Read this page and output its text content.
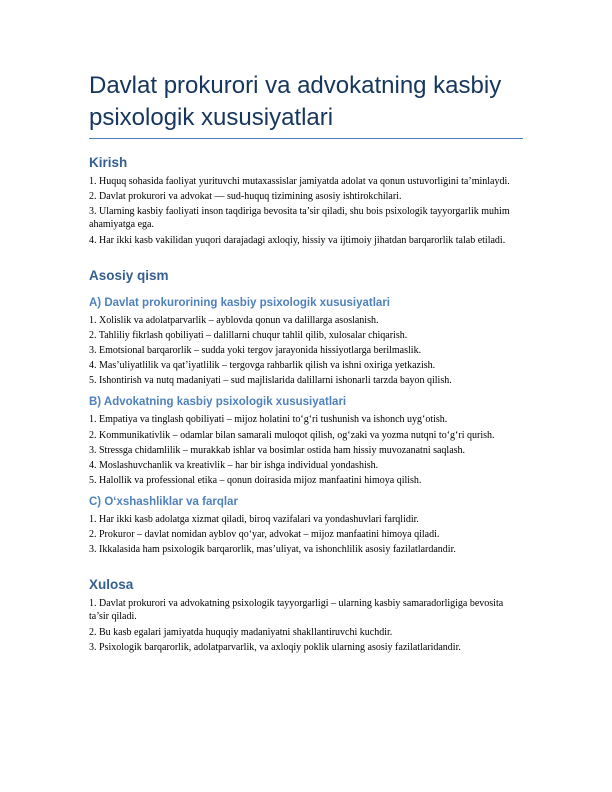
Davlat prokurori va advokatning kasbiy psixologik xususiyatlari
Kirish
1. Huquq sohasida faoliyat yurituvchi mutaxassislar jamiyatda adolat va qonun ustuvorligini ta’minlaydi.
2. Davlat prokurori va advokat — sud-huquq tizimining asosiy ishtirokchilari.
3. Ularning kasbiy faoliyati inson taqdiriga bevosita ta’sir qiladi, shu bois psixologik tayyorgarlik muhim ahamiyatga ega.
4. Har ikki kasb vakilidan yuqori darajadagi axloqiy, hissiy va ijtimoiy jihatdan barqarorlik talab etiladi.
Asosiy qism
A) Davlat prokurorining kasbiy psixologik xususiyatlari
1. Xolislik va adolatparvarlik – ayblovda qonun va dalillarga asoslanish.
2. Tahliliy fikrlash qobiliyati – dalillarni chuqur tahlil qilib, xulosalar chiqarish.
3. Emotsional barqarorlik – sudda yoki tergov jarayonida hissiyotlarga berilmaslik.
4. Mas’uliyatlilik va qat’iyatlilik – tergovga rahbarlik qilish va ishni oxiriga yetkazish.
5. Ishontirish va nutq madaniyati – sud majlislarida dalillarni ishonarli tarzda bayon qilish.
B) Advokatning kasbiy psixologik xususiyatlari
1. Empatiya va tinglash qobiliyati – mijoz holatini to‘g‘ri tushunish va ishonch uyg‘otish.
2. Kommunikativlik – odamlar bilan samarali muloqot qilish, og‘zaki va yozma nutqni to‘g‘ri qurish.
3. Stressga chidamlilik – murakkab ishlar va bosimlar ostida ham hissiy muvozanatni saqlash.
4. Moslashuvchanlik va kreativlik – har bir ishga individual yondashish.
5. Halollik va professional etika – qonun doirasida mijoz manfaatini himoya qilish.
C) O‘xshashliklar va farqlar
1. Har ikki kasb adolatga xizmat qiladi, biroq vazifalari va yondashuvlari farqlidir.
2. Prokuror – davlat nomidan ayblov qo‘yar, advokat – mijoz manfaatini himoya qiladi.
3. Ikkalasida ham psixologik barqarorlik, mas’uliyat, va ishonchlilik asosiy fazilatlardandir.
Xulosa
1. Davlat prokurori va advokatning psixologik tayyorgarligi – ularning kasbiy samaradorligiga bevosita ta’sir qiladi.
2. Bu kasb egalari jamiyatda huquqiy madaniyatni shakllantiruvchi kuchdir.
3. Psixologik barqarorlik, adolatparvarlik, va axloqiy poklik ularning asosiy fazilatlaridandir.
